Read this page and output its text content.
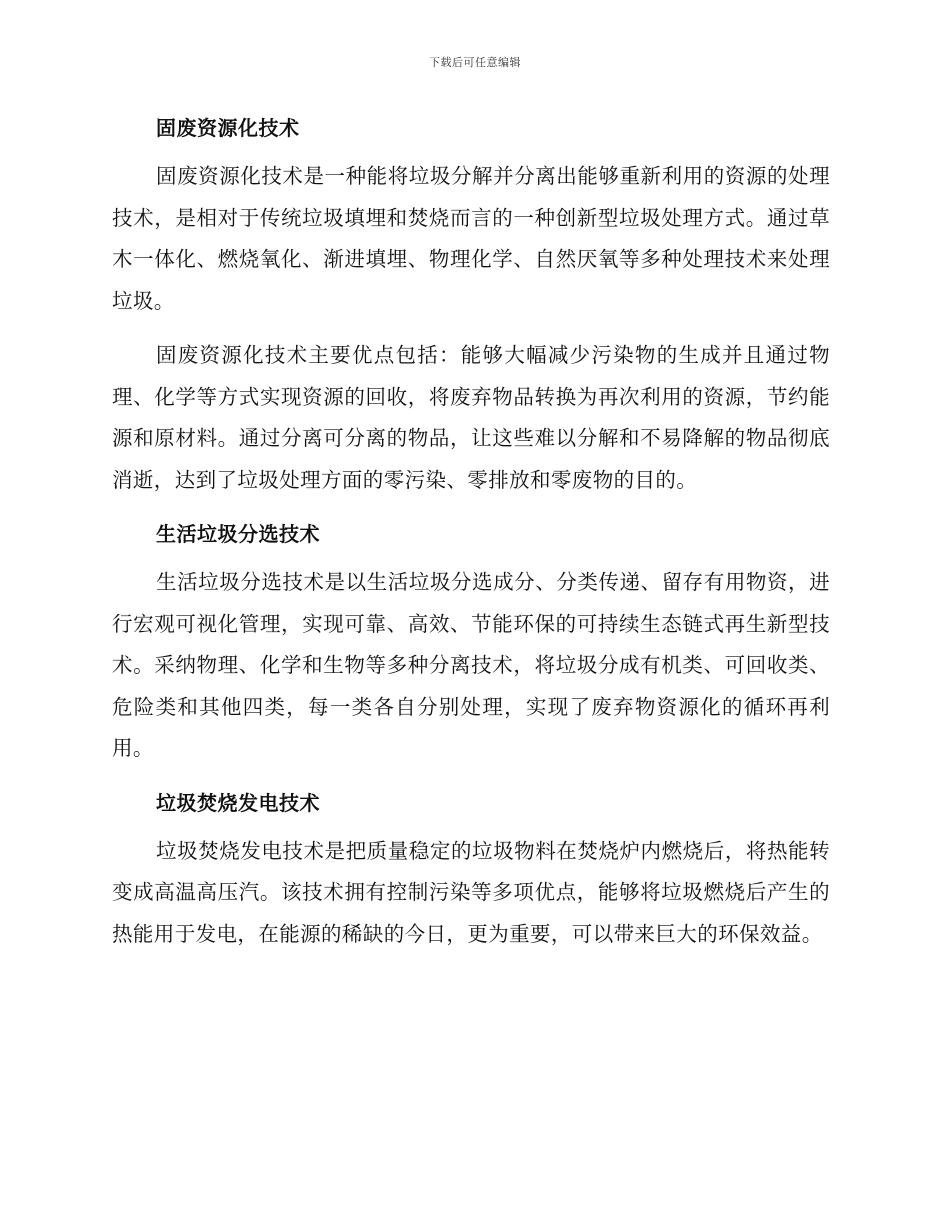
下载后可任意编辑
固废资源化技术

固废资源化技术是一种能将垃圾分解并分离出能够重新利用的资源的处理技术，是相对于传统垃圾填埋和焚烧而言的一种创新型垃圾处理方式。通过草木一体化、燃烧氧化、渐进填埋、物理化学、自然厌氧等多种处理技术来处理垃圾。

固废资源化技术主要优点包括：能够大幅减少污染物的生成并且通过物理、化学等方式实现资源的回收，将废弃物品转换为再次利用的资源，节约能源和原材料。通过分离可分离的物品，让这些难以分解和不易降解的物品彻底消逝，达到了垃圾处理方面的零污染、零排放和零废物的目的。

生活垃圾分选技术

生活垃圾分选技术是以生活垃圾分选成分、分类传递、留存有用物资，进行宏观可视化管理，实现可靠、高效、节能环保的可持续生态链式再生新型技术。采纳物理、化学和生物等多种分离技术，将垃圾分成有机类、可回收类、危险类和其他四类，每一类各自分别处理，实现了废弃物资源化的循环再利用。

垃圾焚烧发电技术

垃圾焚烧发电技术是把质量稳定的垃圾物料在焚烧炉内燃烧后，将热能转变成高温高压汽。该技术拥有控制污染等多项优点，能够将垃圾燃烧后产生的热能用于发电，在能源的稀缺的今日，更为重要，可以带来巨大的环保效益。
